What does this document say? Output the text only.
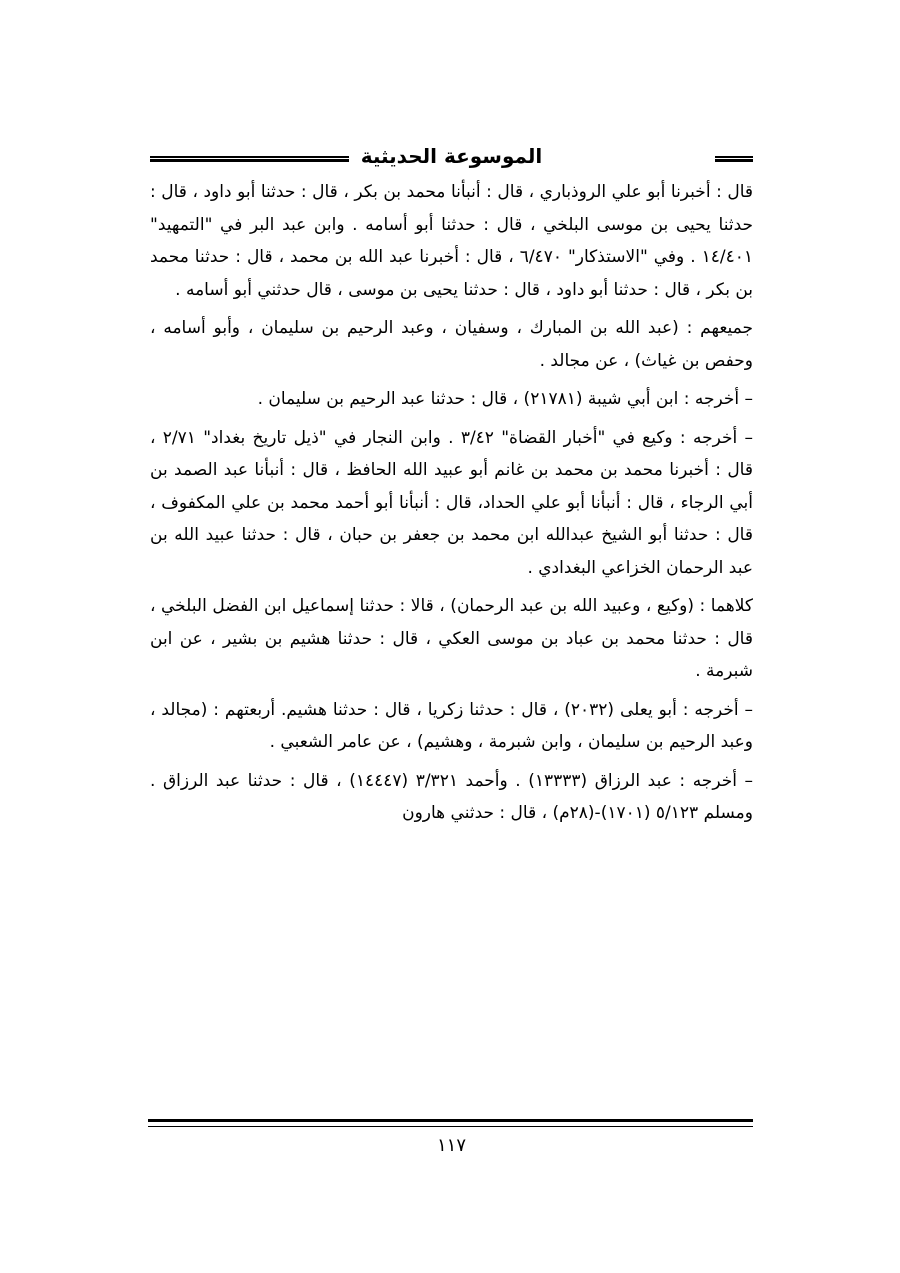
الموسوعة الحديثية

قال : أخبرنا أبو علي الروذباري ، قال : أنبأنا محمد بن بكر ، قال : حدثنا أبو داود ، قال : حدثنا يحيى بن موسى البلخي ، قال : حدثنا أبو أسامه . وابن عبد البر في "التمهيد" ١٤/٤٠١ . وفي "الاستذكار" ٦/٤٧٠ ، قال : أخبرنا عبد الله بن محمد ، قال : حدثنا محمد بن بكر ، قال : حدثنا أبو داود ، قال : حدثنا يحيى بن موسى ، قال حدثني أبو أسامه .

جميعهم : (عبد الله بن المبارك ، وسفيان ، وعبد الرحيم بن سليمان ، وأبو أسامه ، وحفص بن غياث) ، عن مجالد .

– أخرجه : ابن أبي شيبة (٢١٧٨١) ، قال : حدثنا عبد الرحيم بن سليمان .

– أخرجه : وكيع في "أخبار القضاة" ٣/٤٢ . وابن النجار في "ذيل تاريخ بغداد" ٢/٧١ ، قال : أخبرنا محمد بن محمد بن غانم أبو عبيد الله الحافظ ، قال : أنبأنا عبد الصمد بن أبي الرجاء ، قال : أنبأنا أبو علي الحداد، قال : أنبأنا أبو أحمد محمد بن علي المكفوف ، قال : حدثنا أبو الشيخ عبدالله ابن محمد بن جعفر بن حبان ، قال : حدثنا عبيد الله بن عبد الرحمان الخزاعي البغدادي .

كلاهما : (وكيع ، وعبيد الله بن عبد الرحمان) ، قالا : حدثنا إسماعيل ابن الفضل البلخي ، قال : حدثنا محمد بن عباد بن موسى العكي ، قال : حدثنا هشيم بن بشير ، عن ابن شبرمة .

– أخرجه : أبو يعلى (٢٠٣٢) ، قال : حدثنا زكريا ، قال : حدثنا هشيم. أربعتهم : (مجالد ، وعبد الرحيم بن سليمان ، وابن شبرمة ، وهشيم) ، عن عامر الشعبي .

– أخرجه : عبد الرزاق (١٣٣٣٣) . وأحمد ٣/٣٢١ (١٤٤٤٧) ، قال : حدثنا عبد الرزاق . ومسلم ٥/١٢٣ (١٧٠١)-(٢٨م) ، قال : حدثني هارون

١١٧
